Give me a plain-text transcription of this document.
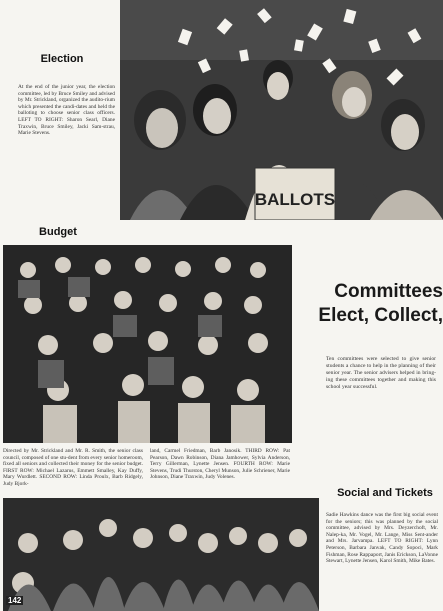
Election

At the end of the junior year, the election committee, led by Bruce Smiley and advised by Mr. Strickland, organized the audito-rium which presented the candi-dates and held the balloting to choose senior class officers. LEFT TO RIGHT: Sharon Searl, Diane Traxwin, Bruce Smiley, Jacki Sam-strau, Marie Stevens.

BALLOTS
Budget

Committees

Elect, Collect,

Ten committees were selected to give senior students a chance to help in the planning of their senior year. The senior advisers helped in bring-ing these committees together and making this school year successful.

Directed by Mr. Strickland and Mr. R. Smith, the senior class council, composed of one stu-dent from every senior homeroom, fixed all seniors and collected their money for the senior budget. FIRST ROW: Michael Lazarus, Emmett Smalley, Kay Duffy, Mary Wurdlett. SECOND ROW: Linda Proulx, Barb Ridgely, Judy Bjork-

land, Carmel Friedman, Barb Janosik. THIRD ROW: Pat Pearson, Dawn Robinson, Diana Jamhower, Sylvia Anderson, Terry Gillerman, Lynette Jensen. FOURTH ROW: Marie Stevens, Trudi Thurston, Cheryl Munson, Julie Schriener, Marie Johnson, Diane Traxwin, Judy Volenes.

Social and Tickets

Sadie Hawkins dance was the first big social event for the seniors; this was planned by the social committee, advised by Mrs. Deyzerchoft, Mr. Nalep-ka, Mr. Vogel, Mr. Lange, Miss Sent-ander and Mrs. Jarvampa. LEFT TO RIGHT: Lynn Peterson, Barbara Janvak, Candy Sopoci, Mark Fishman, Rose Rappaport, Janis Erickson, LaVonne Stewart, Lynette Jensen, Karol Smith, Mike Bates.

142
